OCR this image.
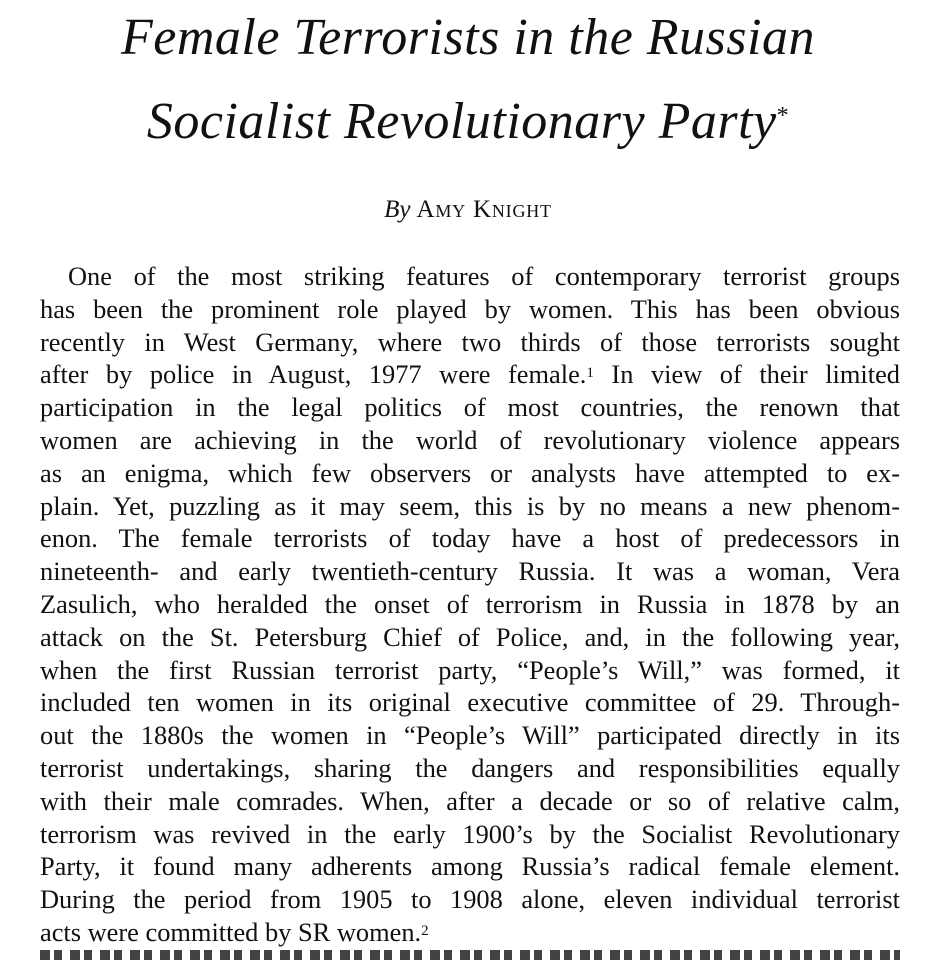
Female Terrorists in the Russian
Socialist Revolutionary Party*
By Amy Knight
One of the most striking features of contemporary terrorist groups
has been the prominent role played by women. This has been obvious
recently in West Germany, where two thirds of those terrorists sought
after by police in August, 1977 were female.$^1$ In view of their limited
participation in the legal politics of most countries, the renown that
women are achieving in the world of revolutionary violence appears
as an enigma, which few observers or analysts have attempted to ex-
plain. Yet, puzzling as it may seem, this is by no means a new phenom-
enon. The female terrorists of today have a host of predecessors in
nineteenth- and early twentieth-century Russia. It was a woman, Vera
Zasulich, who heralded the onset of terrorism in Russia in 1878 by an
attack on the St. Petersburg Chief of Police, and, in the following year,
when the first Russian terrorist party, “People’s Will,” was formed, it
included ten women in its original executive committee of 29. Through-
out the 1880s the women in “People’s Will” participated directly in its
terrorist undertakings, sharing the dangers and responsibilities equally
with their male comrades. When, after a decade or so of relative calm,
terrorism was revived in the early 1900’s by the Socialist Revolutionary
Party, it found many adherents among Russia’s radical female element.
During the period from 1905 to 1908 alone, eleven individual terrorist
acts were committed by SR women.$^2$
